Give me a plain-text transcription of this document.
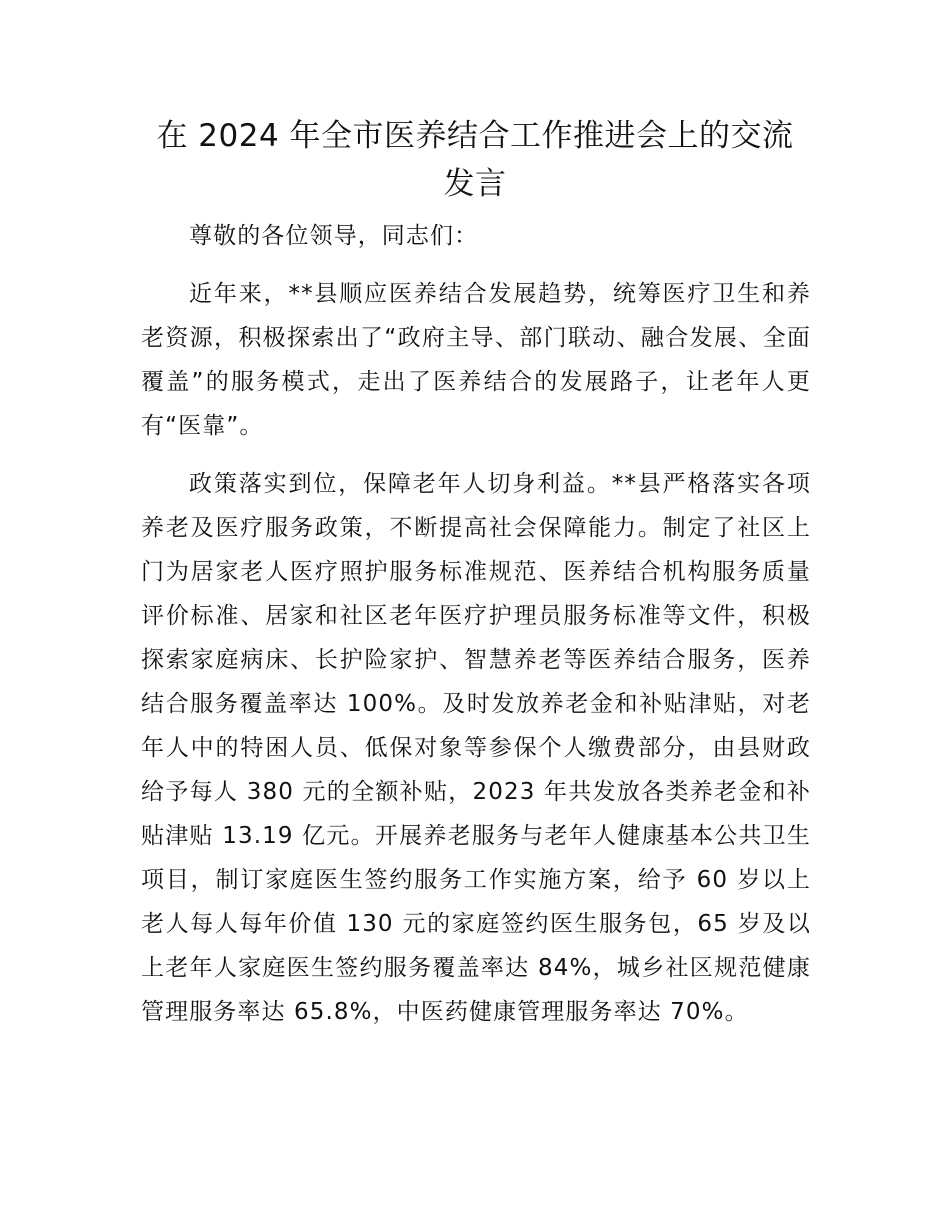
在 2024 年全市医养结合工作推进会上的交流
发言

尊敬的各位领导，同志们：

近年来，**县顺应医养结合发展趋势，统筹医疗卫生和养老资源，积极探索出了“政府主导、部门联动、融合发展、全面覆盖”的服务模式，走出了医养结合的发展路子，让老年人更有“医靠”。

政策落实到位，保障老年人切身利益。**县严格落实各项养老及医疗服务政策，不断提高社会保障能力。制定了社区上门为居家老人医疗照护服务标准规范、医养结合机构服务质量评价标准、居家和社区老年医疗护理员服务标准等文件，积极探索家庭病床、长护险家护、智慧养老等医养结合服务，医养结合服务覆盖率达 100%。及时发放养老金和补贴津贴，对老年人中的特困人员、低保对象等参保个人缴费部分，由县财政给予每人 380 元的全额补贴，2023 年共发放各类养老金和补贴津贴 13.19 亿元。开展养老服务与老年人健康基本公共卫生项目，制订家庭医生签约服务工作实施方案，给予 60 岁以上老人每人每年价值 130 元的家庭签约医生服务包，65 岁及以上老年人家庭医生签约服务覆盖率达 84%，城乡社区规范健康管理服务率达 65.8%，中医药健康管理服务率达 70%。
